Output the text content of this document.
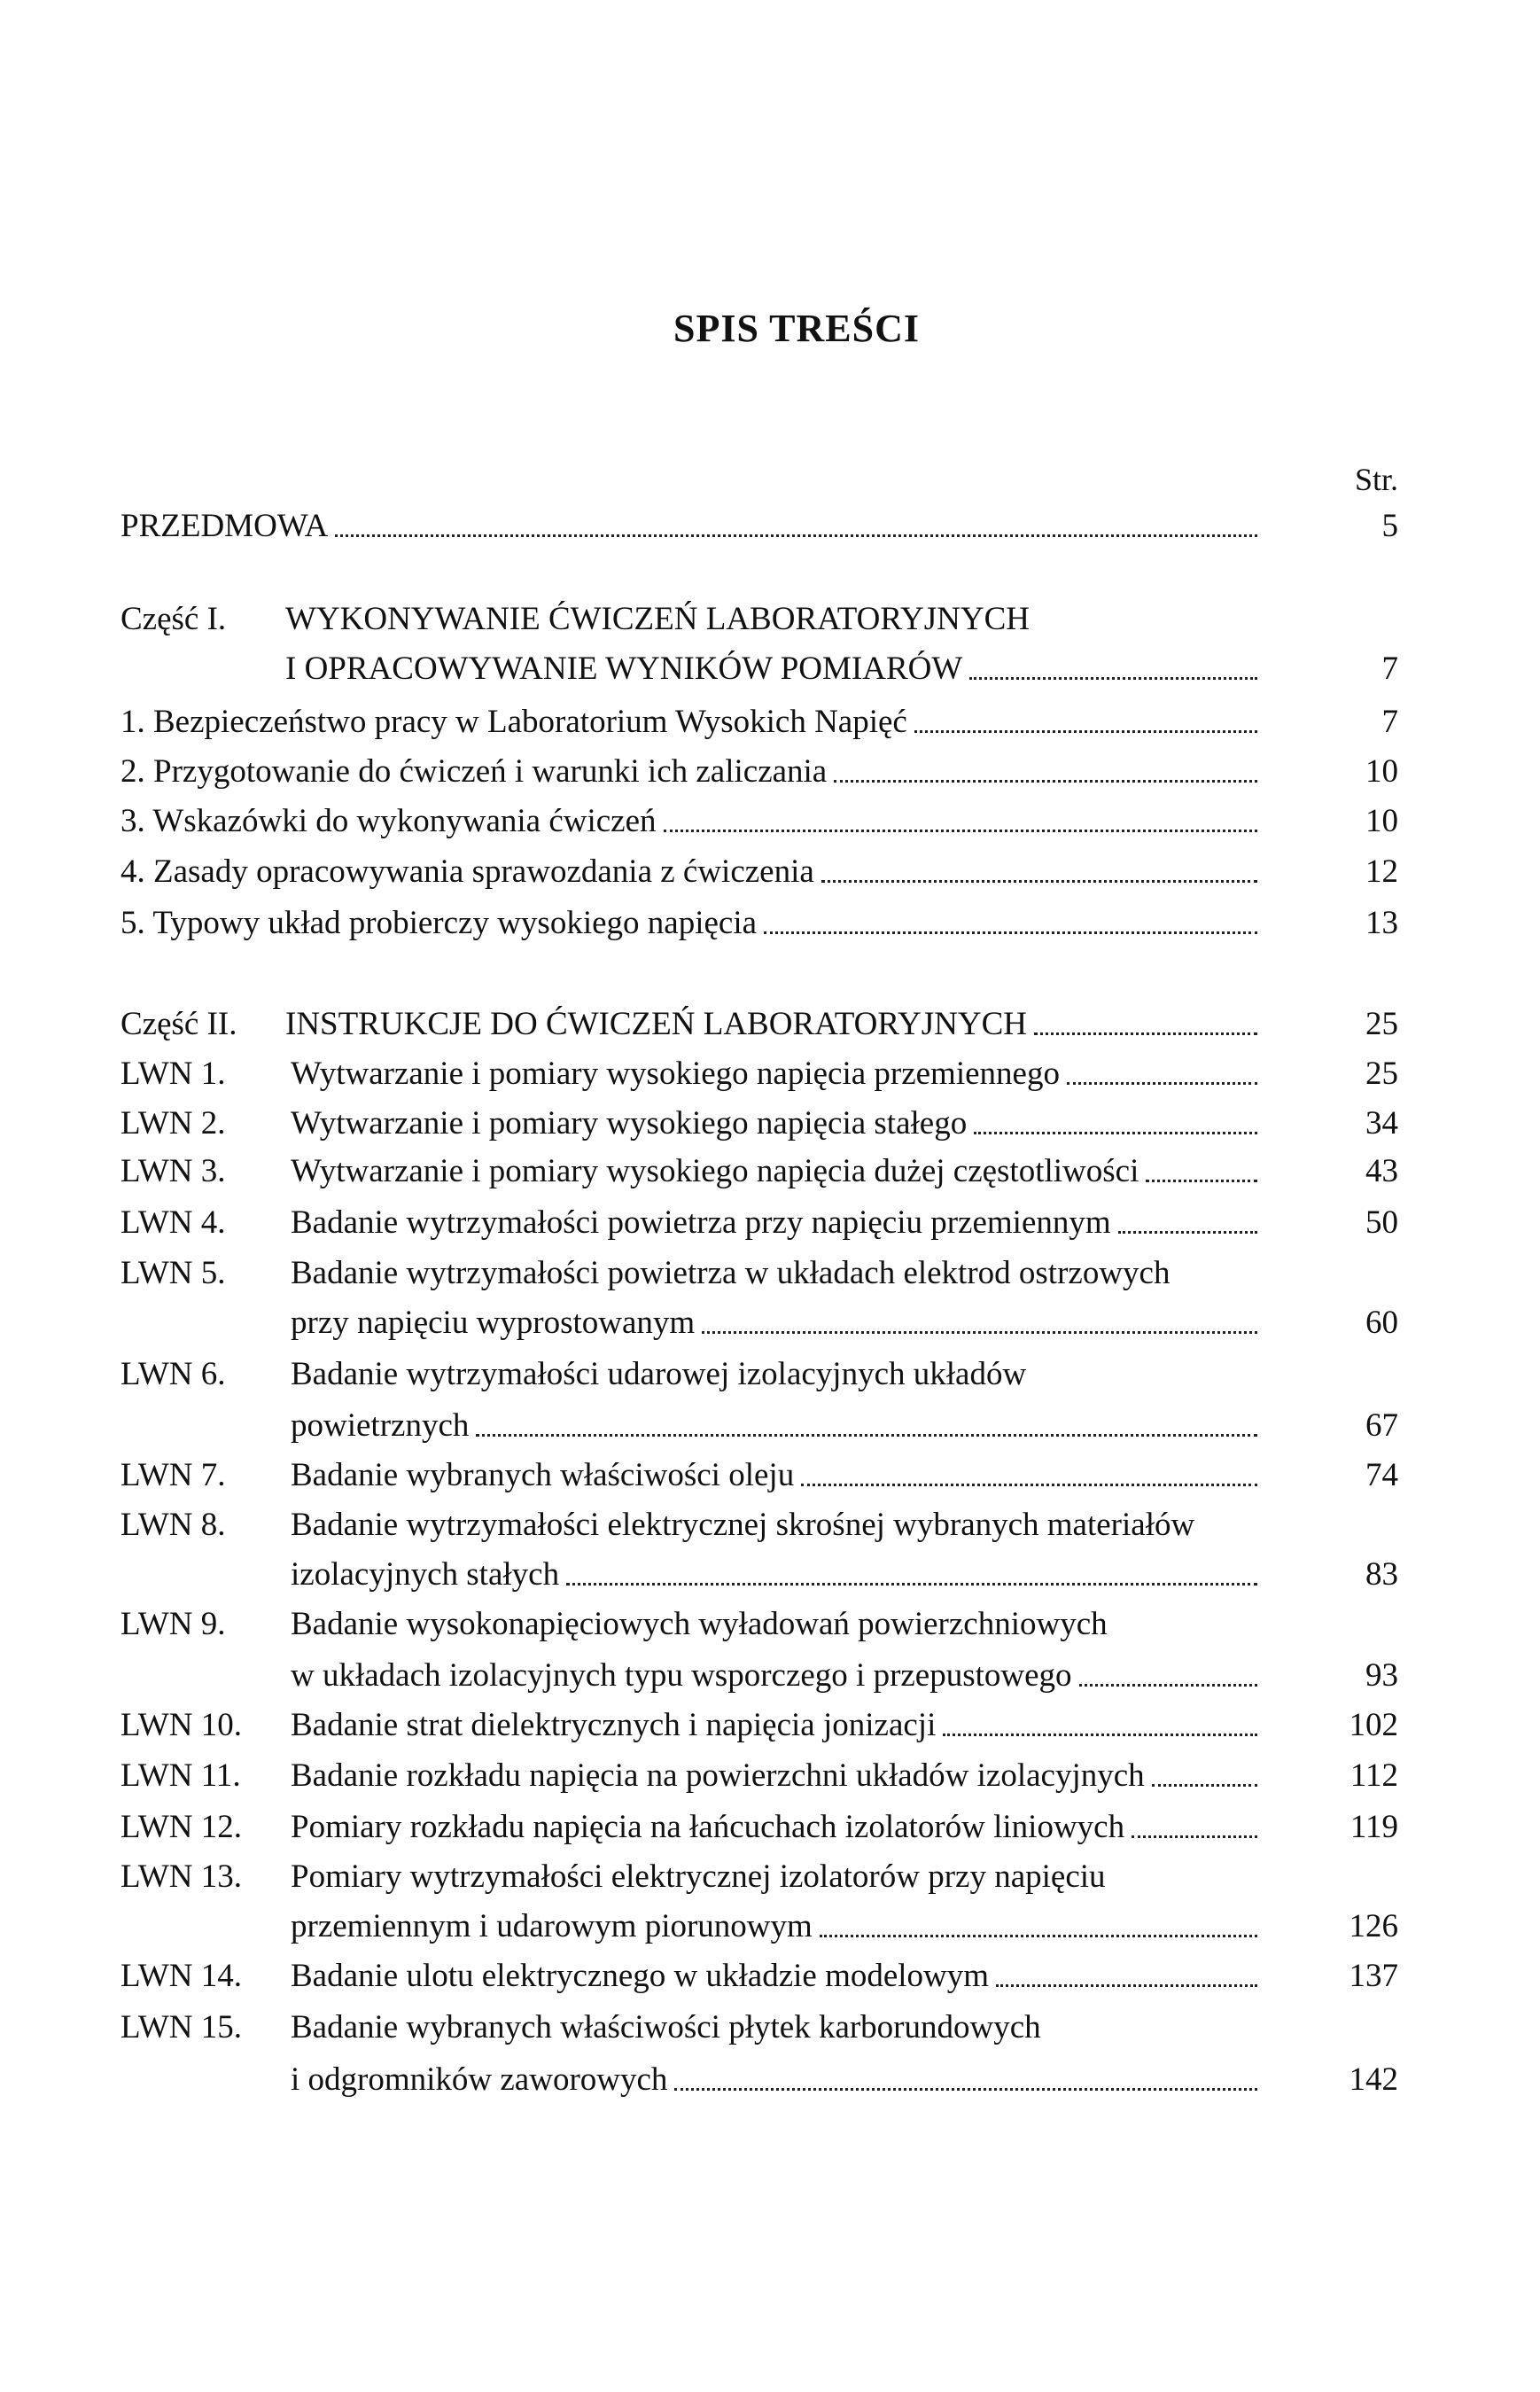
SPIS TREŚCI
Str.
PRZEDMOWA	5
Część I. WYKONYWANIE ĆWICZEŃ LABORATORYJNYCH
I OPRACOWYWANIE WYNIKÓW POMIARÓW	7
1. Bezpieczeństwo pracy w Laboratorium Wysokich Napięć	7
2. Przygotowanie do ćwiczeń i warunki ich zaliczania	10
3. Wskazówki do wykonywania ćwiczeń	10
4. Zasady opracowywania sprawozdania z ćwiczenia	12
5. Typowy układ probierczy wysokiego napięcia	13
Część II. INSTRUKCJE DO ĆWICZEŃ LABORATORYJNYCH	25
LWN 1. Wytwarzanie i pomiary wysokiego napięcia przemiennego	25
LWN 2. Wytwarzanie i pomiary wysokiego napięcia stałego	34
LWN 3. Wytwarzanie i pomiary wysokiego napięcia dużej częstotliwości	43
LWN 4. Badanie wytrzymałości powietrza przy napięciu przemiennym	50
LWN 5. Badanie wytrzymałości powietrza w układach elektrod ostrzowych
przy napięciu wyprostowanym	60
LWN 6. Badanie wytrzymałości udarowej izolacyjnych układów
powietrznych	67
LWN 7. Badanie wybranych właściwości oleju	74
LWN 8. Badanie wytrzymałości elektrycznej skrośnej wybranych materiałów
izolacyjnych stałych	83
LWN 9. Badanie wysokonapięciowych wyładowań powierzchniowych
w układach izolacyjnych typu wsporczego i przepustowego	93
LWN 10. Badanie strat dielektrycznych i napięcia jonizacji	102
LWN 11. Badanie rozkładu napięcia na powierzchni układów izolacyjnych	112
LWN 12. Pomiary rozkładu napięcia na łańcuchach izolatorów liniowych	119
LWN 13. Pomiary wytrzymałości elektrycznej izolatorów przy napięciu
przemiennym i udarowym piorunowym	126
LWN 14. Badanie ulotu elektrycznego w układzie modelowym	137
LWN 15. Badanie wybranych właściwości płytek karborundowych
i odgromników zaworowych	142
